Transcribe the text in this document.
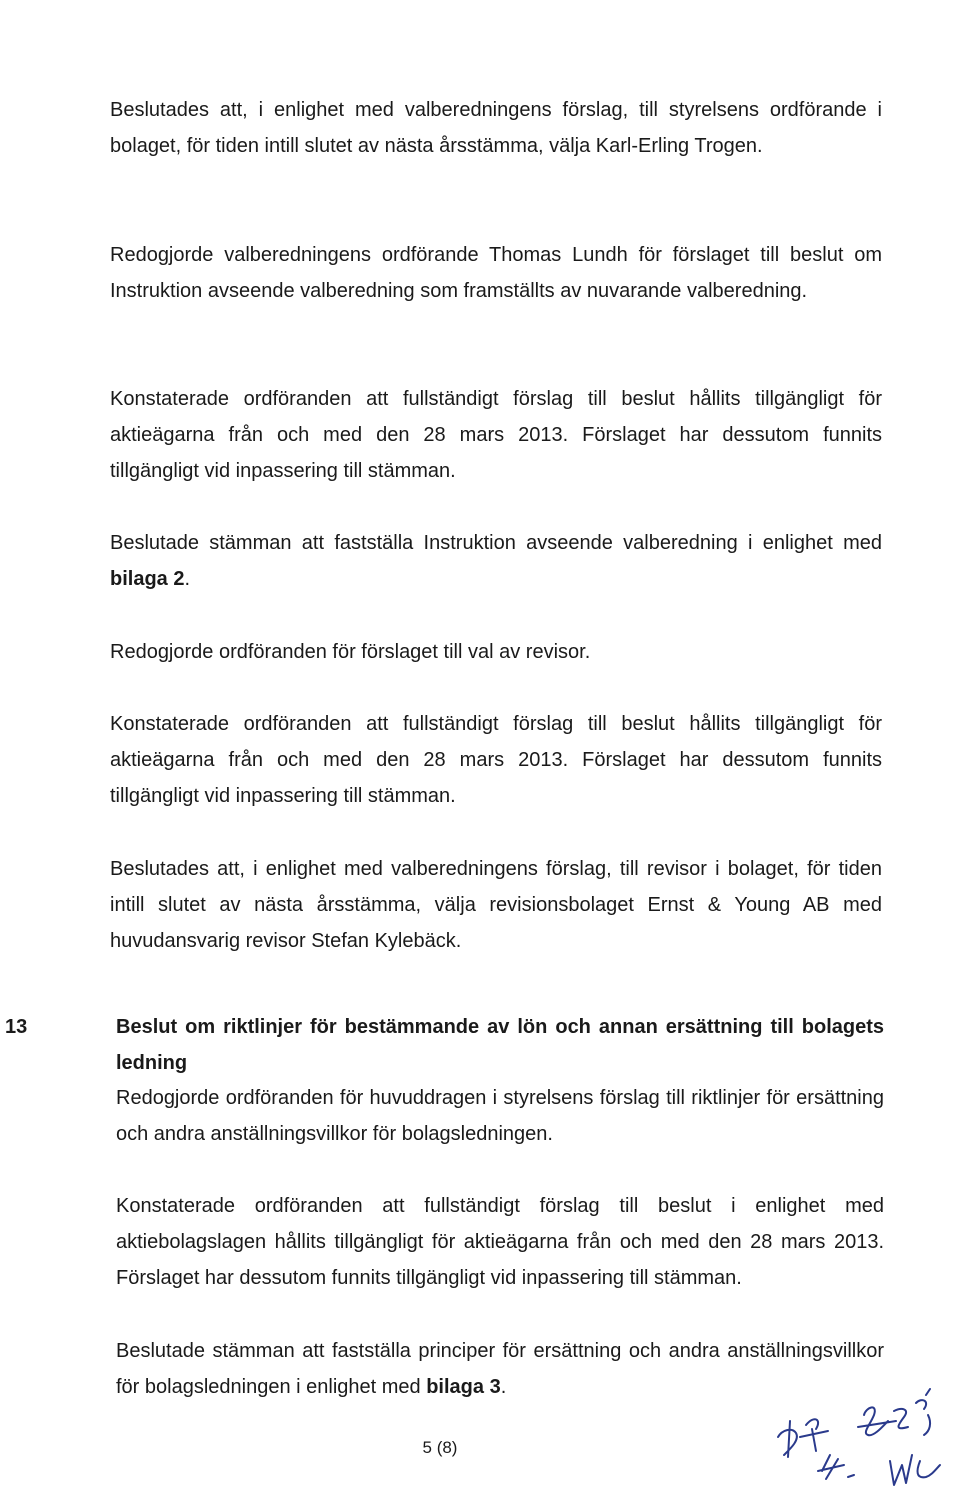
Beslutades att, i enlighet med valberedningens förslag, till styrelsens ordförande i bolaget, för tiden intill slutet av nästa årsstämma, välja Karl-Erling Trogen.

Redogjorde valberedningens ordförande Thomas Lundh för förslaget till beslut om Instruktion avseende valberedning som framställts av nuvarande valberedning.

Konstaterade ordföranden att fullständigt förslag till beslut hållits tillgängligt för aktieägarna från och med den 28 mars 2013. Förslaget har dessutom funnits tillgängligt vid inpassering till stämman.

Beslutade stämman att fastställa Instruktion avseende valberedning i enlighet med bilaga 2.

Redogjorde ordföranden för förslaget till val av revisor.

Konstaterade ordföranden att fullständigt förslag till beslut hållits tillgängligt för aktieägarna från och med den 28 mars 2013. Förslaget har dessutom funnits tillgängligt vid inpassering till stämman.

Beslutades att, i enlighet med valberedningens förslag, till revisor i bolaget, för tiden intill slutet av nästa årsstämma, välja revisionsbolaget Ernst & Young AB med huvudansvarig revisor Stefan Kylebäck.

13	Beslut om riktlinjer för bestämmande av lön och annan ersättning till bolagets ledning

Redogjorde ordföranden för huvuddragen i styrelsens förslag till riktlinjer för ersättning och andra anställningsvillkor för bolagsledningen.

Konstaterade ordföranden att fullständigt förslag till beslut i enlighet med aktiebolagslagen hållits tillgängligt för aktieägarna från och med den 28 mars 2013. Förslaget har dessutom funnits tillgängligt vid inpassering till stämman.

Beslutade stämman att fastställa principer för ersättning och andra anställningsvillkor för bolagsledningen i enlighet med bilaga 3.

5 (8)
